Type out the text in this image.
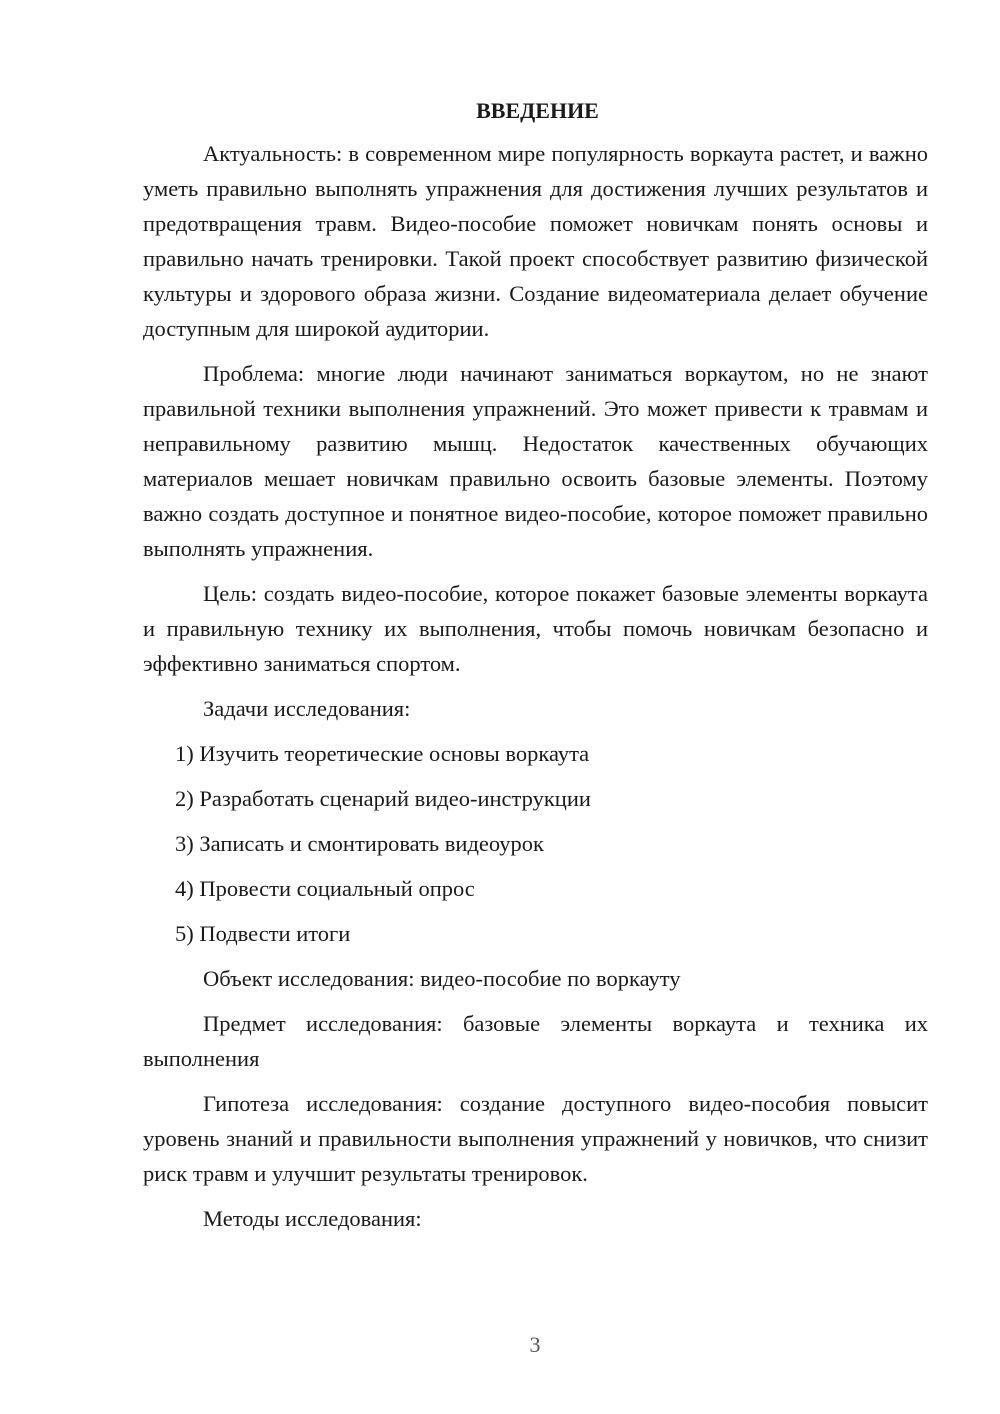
ВВЕДЕНИЕ

Актуальность: в современном мире популярность воркаута растет, и важно уметь правильно выполнять упражнения для достижения лучших результатов и предотвращения травм. Видео-пособие поможет новичкам понять основы и правильно начать тренировки. Такой проект способствует развитию физической культуры и здорового образа жизни. Создание видеоматериала делает обучение доступным для широкой аудитории.

Проблема: многие люди начинают заниматься воркаутом, но не знают правильной техники выполнения упражнений. Это может привести к травмам и неправильному развитию мышц. Недостаток качественных обучающих материалов мешает новичкам правильно освоить базовые элементы. Поэтому важно создать доступное и понятное видео-пособие, которое поможет правильно выполнять упражнения.

Цель: создать видео-пособие, которое покажет базовые элементы воркаута и правильную технику их выполнения, чтобы помочь новичкам безопасно и эффективно заниматься спортом.

Задачи исследования:
1) Изучить теоретические основы воркаута
2) Разработать сценарий видео-инструкции
3) Записать и смонтировать видеоурок
4) Провести социальный опрос
5) Подвести итоги
Объект исследования: видео-пособие по воркауту

Предмет исследования: базовые элементы воркаута и техника их выполнения

Гипотеза исследования: создание доступного видео-пособия повысит уровень знаний и правильности выполнения упражнений у новичков, что снизит риск травм и улучшит результаты тренировок.

Методы исследования:
3
